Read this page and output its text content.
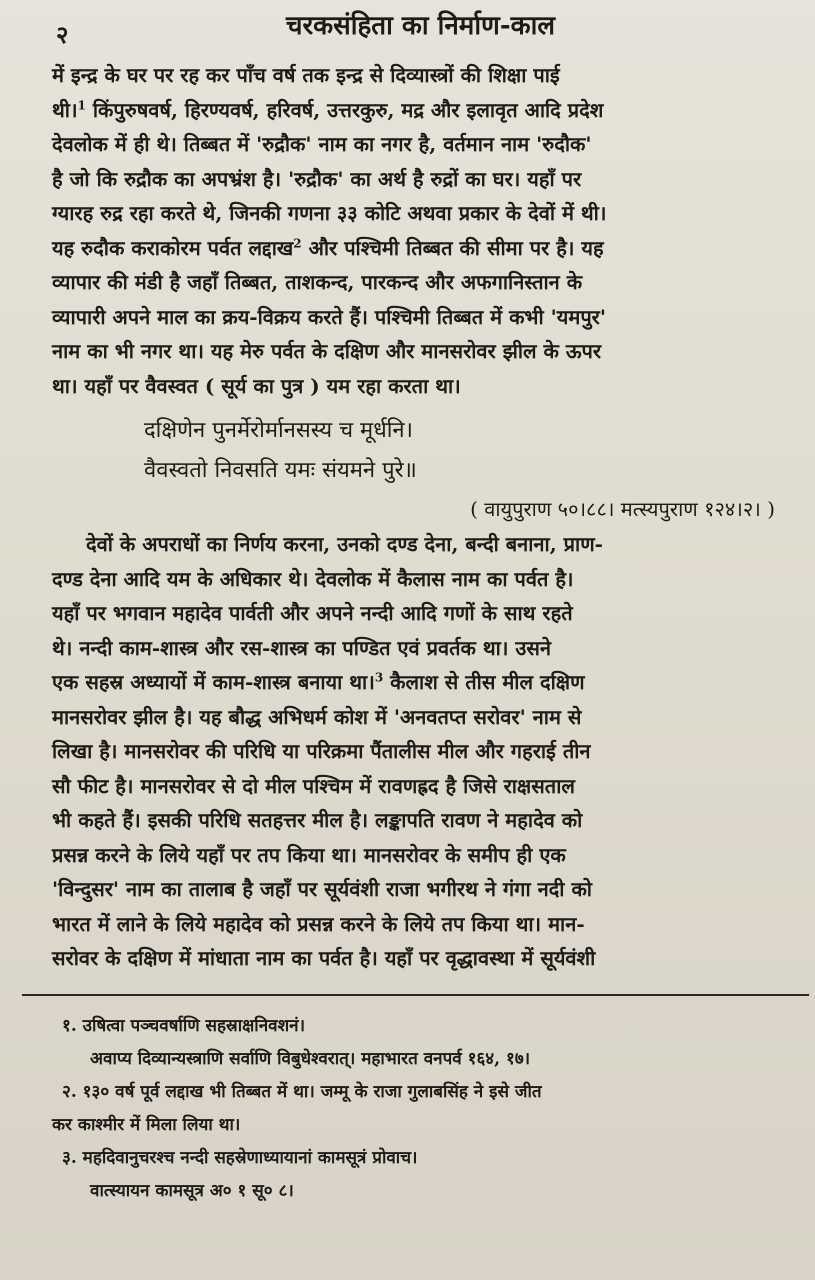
२	चरकसंहिता का निर्माण-काल

में इन्द्र के घर पर रह कर पाँच वर्ष तक इन्द्र से दिव्यास्त्रों की शिक्षा पाई
थी।$^1$ किंपुरुषवर्ष, हिरण्यवर्ष, हरिवर्ष, उत्तरकुरु, मद्र और इलावृत आदि प्रदेश
देवलोक में ही थे। तिब्बत में 'रुद्रौक' नाम का नगर है, वर्तमान नाम 'रुदौक'
है जो कि रुद्रौक का अपभ्रंश है। 'रुद्रौक' का अर्थ है रुद्रों का घर। यहाँ पर
ग्यारह रुद्र रहा करते थे, जिनकी गणना ३३ कोटि अथवा प्रकार के देवों में थी।
यह रुदौक कराकोरम पर्वत लद्दाख$^2$ और पश्चिमी तिब्बत की सीमा पर है। यह
व्यापार की मंडी है जहाँ तिब्बत, ताशकन्द, पारकन्द और अफगानिस्तान के
व्यापारी अपने माल का क्रय-विक्रय करते हैं। पश्चिमी तिब्बत में कभी 'यमपुर'
नाम का भी नगर था। यह मेरु पर्वत के दक्षिण और मानसरोवर झील के ऊपर
था। यहाँ पर वैवस्वत ( सूर्य का पुत्र ) यम रहा करता था।

दक्षिणेन पुनर्मेरोर्मानसस्य च मूर्धनि।
वैवस्वतो निवसति यमः संयमने पुरे॥
( वायुपुराण ५०।८८। मत्स्यपुराण १२४।२। )

देवों के अपराधों का निर्णय करना, उनको दण्ड देना, बन्दी बनाना, प्राण-
दण्ड देना आदि यम के अधिकार थे। देवलोक में कैलास नाम का पर्वत है।
यहाँ पर भगवान महादेव पार्वती और अपने नन्दी आदि गणों के साथ रहते
थे। नन्दी काम-शास्त्र और रस-शास्त्र का पण्डित एवं प्रवर्तक था। उसने
एक सहस्र अध्यायों में काम-शास्त्र बनाया था।$^3$ कैलाश से तीस मील दक्षिण
मानसरोवर झील है। यह बौद्ध अभिधर्म कोश में 'अनवतप्त सरोवर' नाम से
लिखा है। मानसरोवर की परिधि या परिक्रमा पैंतालीस मील और गहराई तीन
सौ फीट है। मानसरोवर से दो मील पश्चिम में रावणह्रद है जिसे राक्षसताल
भी कहते हैं। इसकी परिधि सतहत्तर मील है। लङ्कापति रावण ने महादेव को
प्रसन्न करने के लिये यहाँ पर तप किया था। मानसरोवर के समीप ही एक
'विन्दुसर' नाम का तालाब है जहाँ पर सूर्यवंशी राजा भगीरथ ने गंगा नदी को
भारत में लाने के लिये महादेव को प्रसन्न करने के लिये तप किया था। मान-
सरोवर के दक्षिण में मांधाता नाम का पर्वत है। यहाँ पर वृद्धावस्था में सूर्यवंशी

१. उषित्वा पञ्चवर्षाणि सहस्राक्षनिवशनं।
अवाप्य दिव्यान्यस्त्राणि सर्वाणि विबुधेश्वरात्। महाभारत वनपर्व १६४, १७।
२. १३० वर्ष पूर्व लद्दाख भी तिब्बत में था। जम्मू के राजा गुलाबसिंह ने इसे जीत
कर काश्मीर में मिला लिया था।
३. महदिवानुचरश्च नन्दी सहस्रेणाध्यायानां कामसूत्रं प्रोवाच।
वात्स्यायन कामसूत्र अ० १ सू० ८।
